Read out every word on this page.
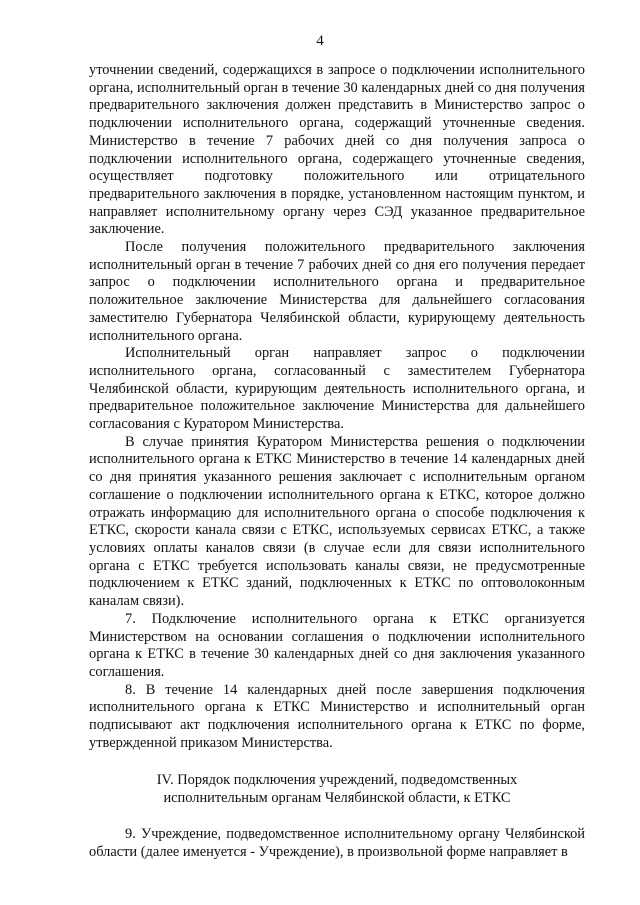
4

уточнении сведений, содержащихся в запросе о подключении исполнительного органа, исполнительный орган в течение 30 календарных дней со дня получения предварительного заключения должен представить в Министерство запрос о подключении исполнительного органа, содержащий уточненные сведения. Министерство в течение 7 рабочих дней со дня получения запроса о подключении исполнительного органа, содержащего уточненные сведения, осуществляет подготовку положительного или отрицательного предварительного заключения в порядке, установленном настоящим пунктом, и направляет исполнительному органу через СЭД указанное предварительное заключение.

После получения положительного предварительного заключения исполнительный орган в течение 7 рабочих дней со дня его получения передает запрос о подключении исполнительного органа и предварительное положительное заключение Министерства для дальнейшего согласования заместителю Губернатора Челябинской области, курирующему деятельность исполнительного органа.

Исполнительный орган направляет запрос о подключении исполнительного органа, согласованный с заместителем Губернатора Челябинской области, курирующим деятельность исполнительного органа, и предварительное положительное заключение Министерства для дальнейшего согласования с Куратором Министерства.

В случае принятия Куратором Министерства решения о подключении исполнительного органа к ЕТКС Министерство в течение 14 календарных дней со дня принятия указанного решения заключает с исполнительным органом соглашение о подключении исполнительного органа к ЕТКС, которое должно отражать информацию для исполнительного органа о способе подключения к ЕТКС, скорости канала связи с ЕТКС, используемых сервисах ЕТКС, а также условиях оплаты каналов связи (в случае если для связи исполнительного органа с ЕТКС требуется использовать каналы связи, не предусмотренные подключением к ЕТКС зданий, подключенных к ЕТКС по оптоволоконным каналам связи).

7. Подключение исполнительного органа к ЕТКС организуется Министерством на основании соглашения о подключении исполнительного органа к ЕТКС в течение 30 календарных дней со дня заключения указанного соглашения.

8. В течение 14 календарных дней после завершения подключения исполнительного органа к ЕТКС Министерство и исполнительный орган подписывают акт подключения исполнительного органа к ЕТКС по форме, утвержденной приказом Министерства.

IV. Порядок подключения учреждений, подведомственных
исполнительным органам Челябинской области, к ЕТКС

9. Учреждение, подведомственное исполнительному органу Челябинской области (далее именуется - Учреждение), в произвольной форме направляет в
